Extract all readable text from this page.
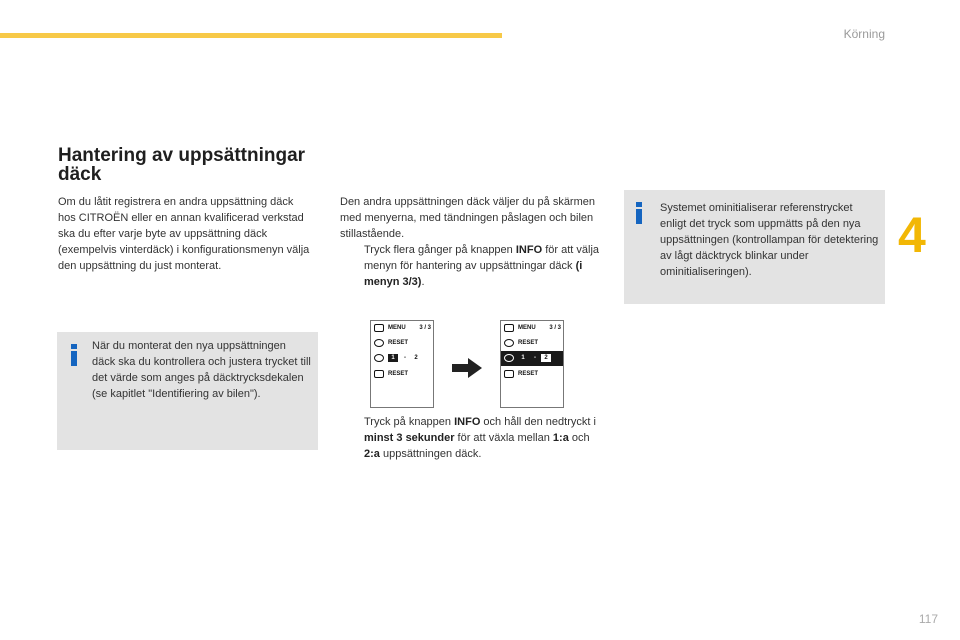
Körning
4
117
Hantering av uppsättningar däck

Om du låtit registrera en andra uppsättning däck hos CITROËN eller en annan kvalificerad verkstad ska du efter varje byte av uppsättning däck (exempelvis vinterdäck) i konfigurationsmenyn välja den uppsättning du just monterat.

När du monterat den nya uppsättningen däck ska du kontrollera och justera trycket till det värde som anges på däcktrycksdekalen (se kapitlet "Identifiering av bilen").

Den andra uppsättningen däck väljer du på skärmen med menyerna, med tändningen påslagen och bilen stillastående.

Tryck flera gånger på knappen INFO för att välja menyn för hantering av uppsättningar däck (i menyn 3/3).
MENU 3 / 3
RESET
1	-	2
RESET
MENU 3 / 3
RESET
1	-	2
RESET
Tryck på knappen INFO och håll den nedtryckt i minst 3 sekunder för att växla mellan 1:a och 2:a uppsättningen däck.

Systemet ominitialiserar referenstrycket enligt det tryck som uppmätts på den nya uppsättningen (kontrollampan för detektering av lågt däcktryck blinkar under ominitialiseringen).
